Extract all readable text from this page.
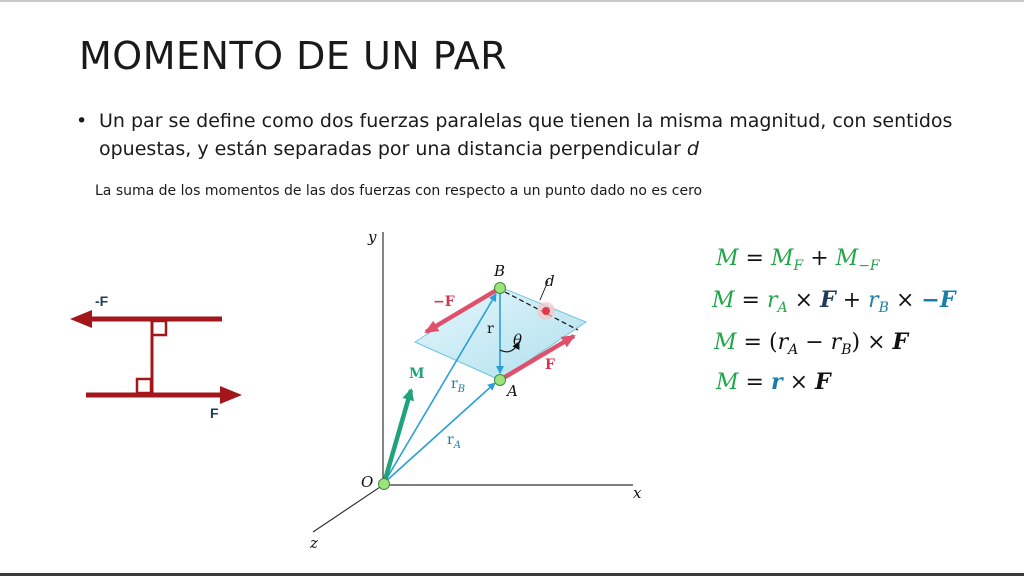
MOMENTO DE UN PAR
• Un par se define como dos fuerzas paralelas que tienen la misma magnitud, con sentidos opuestas, y están separadas por una distancia perpendicular d
La suma de los momentos de las dos fuerzas con respecto a un punto dado no es cero
-F
F
y
x
z
O
B
A
−F
F
M
r
$r_B$
$r_A$
θ
d
$M = M_F + M_{-F}$
$M = r_A \times F + r_B \times -F$
$M = (r_A - r_B) \times F$
M = r × F
